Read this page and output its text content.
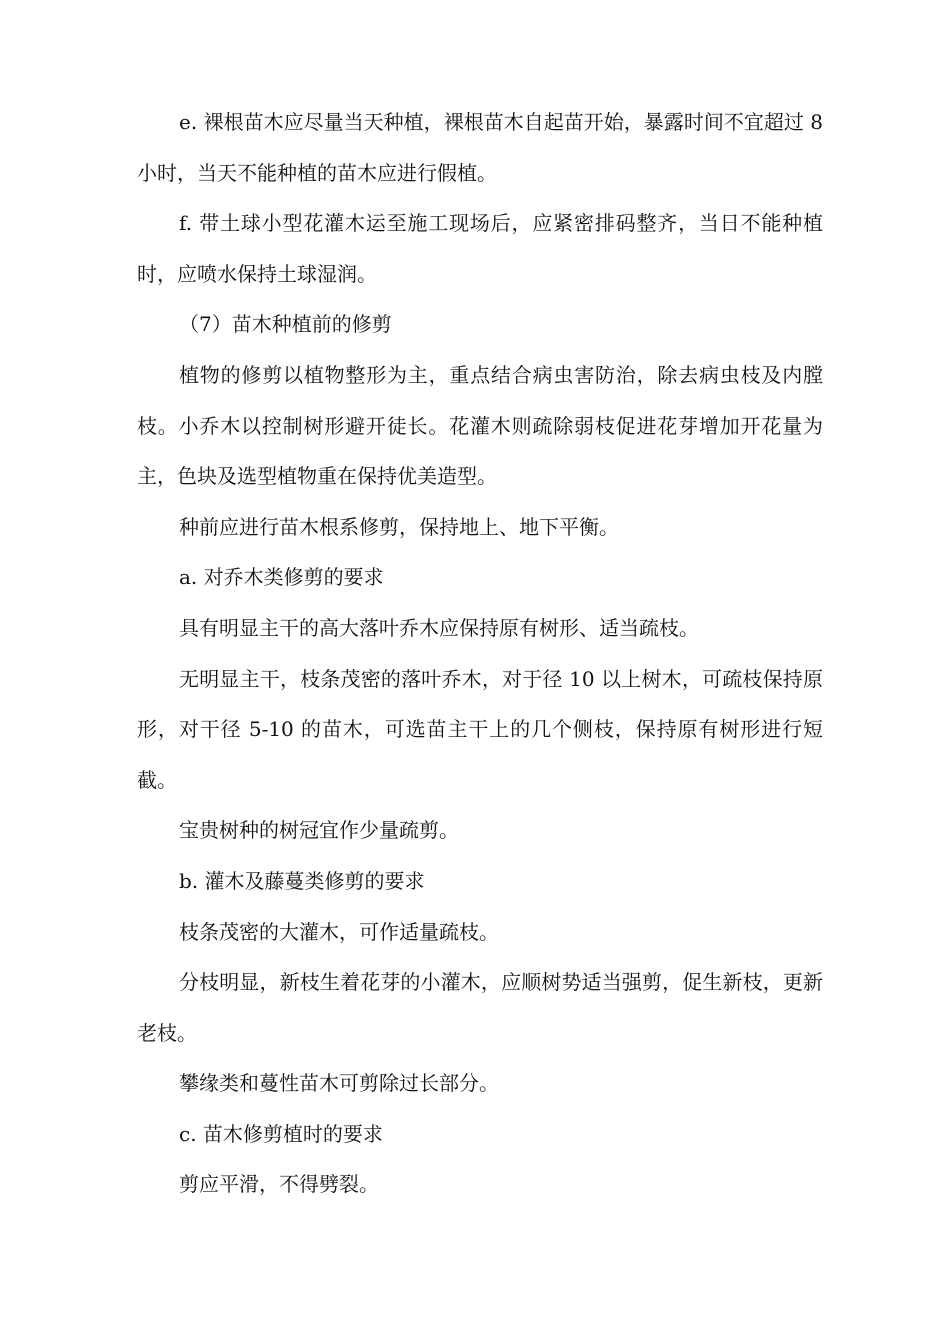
e. 裸根苗木应尽量当天种植，裸根苗木自起苗开始，暴露时间不宜超过 8 小时，当天不能种植的苗木应进行假植。

f. 带土球小型花灌木运至施工现场后，应紧密排码整齐，当日不能种植时，应喷水保持土球湿润。

（7）苗木种植前的修剪

植物的修剪以植物整形为主，重点结合病虫害防治，除去病虫枝及内膛枝。小乔木以控制树形避开徒长。花灌木则疏除弱枝促进花芽增加开花量为主，色块及选型植物重在保持优美造型。

种前应进行苗木根系修剪，保持地上、地下平衡。

a. 对乔木类修剪的要求

具有明显主干的高大落叶乔木应保持原有树形、适当疏枝。

无明显主干，枝条茂密的落叶乔木，对于径 10 以上树木，可疏枝保持原形，对干径 5-10 的苗木，可选苗主干上的几个侧枝，保持原有树形进行短截。

宝贵树种的树冠宜作少量疏剪。

b. 灌木及藤蔓类修剪的要求

枝条茂密的大灌木，可作适量疏枝。

分枝明显，新枝生着花芽的小灌木，应顺树势适当强剪，促生新枝，更新老枝。

攀缘类和蔓性苗木可剪除过长部分。

c. 苗木修剪植时的要求

剪应平滑，不得劈裂。
